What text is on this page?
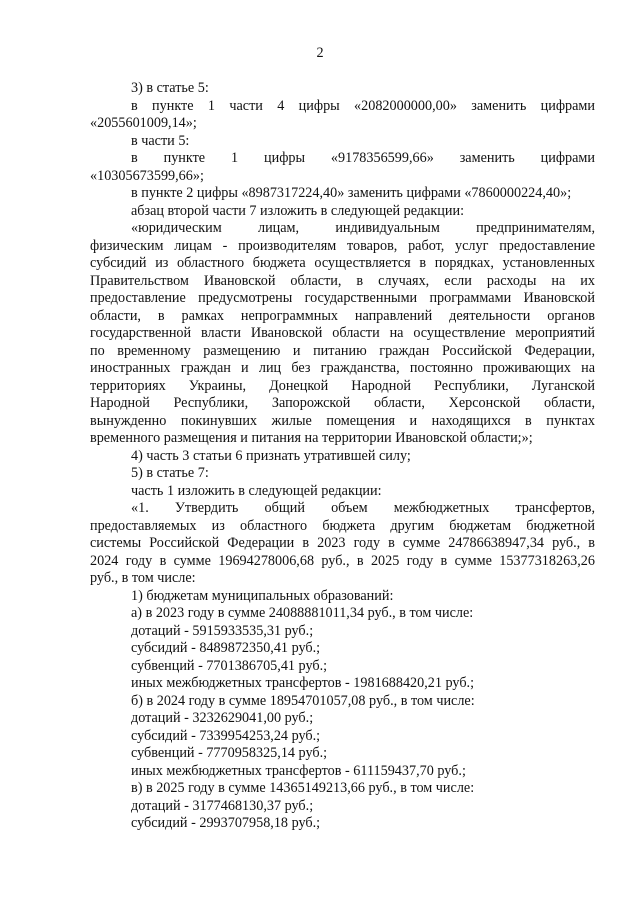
2
3) в статье 5:
в пункте 1 части 4 цифры «2082000000,00» заменить цифрами
«2055601009,14»;
в части 5:
в пункте 1 цифры «9178356599,66» заменить цифрами
«10305673599,66»;
в пункте 2 цифры «8987317224,40» заменить цифрами «7860000224,40»;
абзац второй части 7 изложить в следующей редакции:
«юридическим лицам, индивидуальным предпринимателям,
физическим лицам - производителям товаров, работ, услуг предоставление
субсидий из областного бюджета осуществляется в порядках, установленных
Правительством Ивановской области, в случаях, если расходы на их
предоставление предусмотрены государственными программами Ивановской
области, в рамках непрограммных направлений деятельности органов
государственной власти Ивановской области на осуществление мероприятий
по временному размещению и питанию граждан Российской Федерации,
иностранных граждан и лиц без гражданства, постоянно проживающих на
территориях Украины, Донецкой Народной Республики, Луганской
Народной Республики, Запорожской области, Херсонской области,
вынужденно покинувших жилые помещения и находящихся в пунктах
временного размещения и питания на территории Ивановской области;»;
4) часть 3 статьи 6 признать утратившей силу;
5) в статье 7:
часть 1 изложить в следующей редакции:
«1. Утвердить общий объем межбюджетных трансфертов,
предоставляемых из областного бюджета другим бюджетам бюджетной
системы Российской Федерации в 2023 году в сумме 24786638947,34 руб., в
2024 году в сумме 19694278006,68 руб., в 2025 году в сумме 15377318263,26
руб., в том числе:
1) бюджетам муниципальных образований:
а) в 2023 году в сумме 24088881011,34 руб., в том числе:
дотаций - 5915933535,31 руб.;
субсидий - 8489872350,41 руб.;
субвенций - 7701386705,41 руб.;
иных межбюджетных трансфертов - 1981688420,21 руб.;
б) в 2024 году в сумме 18954701057,08 руб., в том числе:
дотаций - 3232629041,00 руб.;
субсидий - 7339954253,24 руб.;
субвенций - 7770958325,14 руб.;
иных межбюджетных трансфертов - 611159437,70 руб.;
в) в 2025 году в сумме 14365149213,66 руб., в том числе:
дотаций - 3177468130,37 руб.;
субсидий - 2993707958,18 руб.;
